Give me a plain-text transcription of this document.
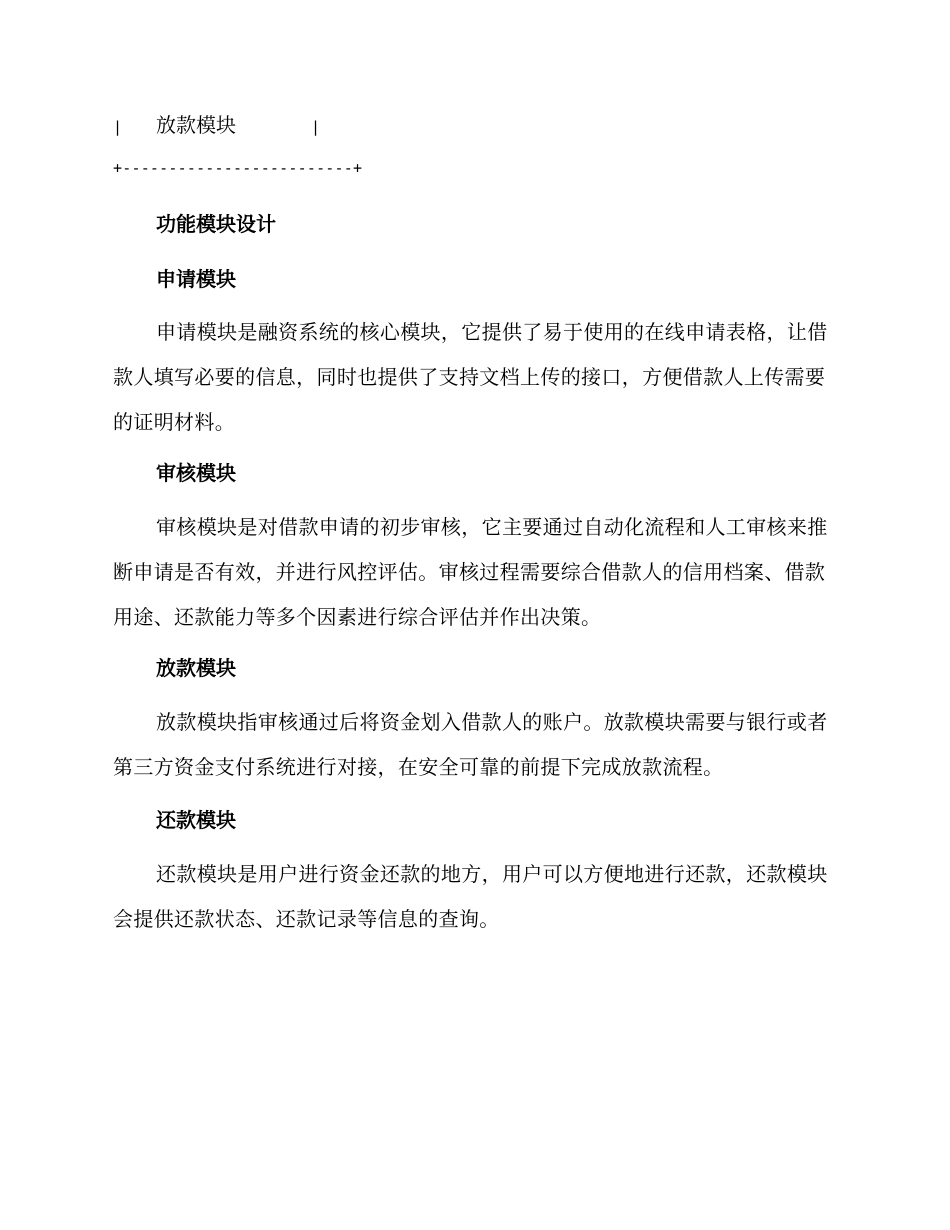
|

放款模块

	|

+-------------------------+
功能模块设计
申请模块
申请模块是融资系统的核心模块，它提供了易于使用的在线申请表格，让借款人填写必要的信息，同时也提供了支持文档上传的接口，方便借款人上传需要的证明材料。
审核模块
审核模块是对借款申请的初步审核，它主要通过自动化流程和人工审核来推断申请是否有效，并进行风控评估。审核过程需要综合借款人的信用档案、借款用途、还款能力等多个因素进行综合评估并作出决策。
放款模块
放款模块指审核通过后将资金划入借款人的账户。放款模块需要与银行或者第三方资金支付系统进行对接，在安全可靠的前提下完成放款流程。
还款模块
还款模块是用户进行资金还款的地方，用户可以方便地进行还款，还款模块会提供还款状态、还款记录等信息的查询。
